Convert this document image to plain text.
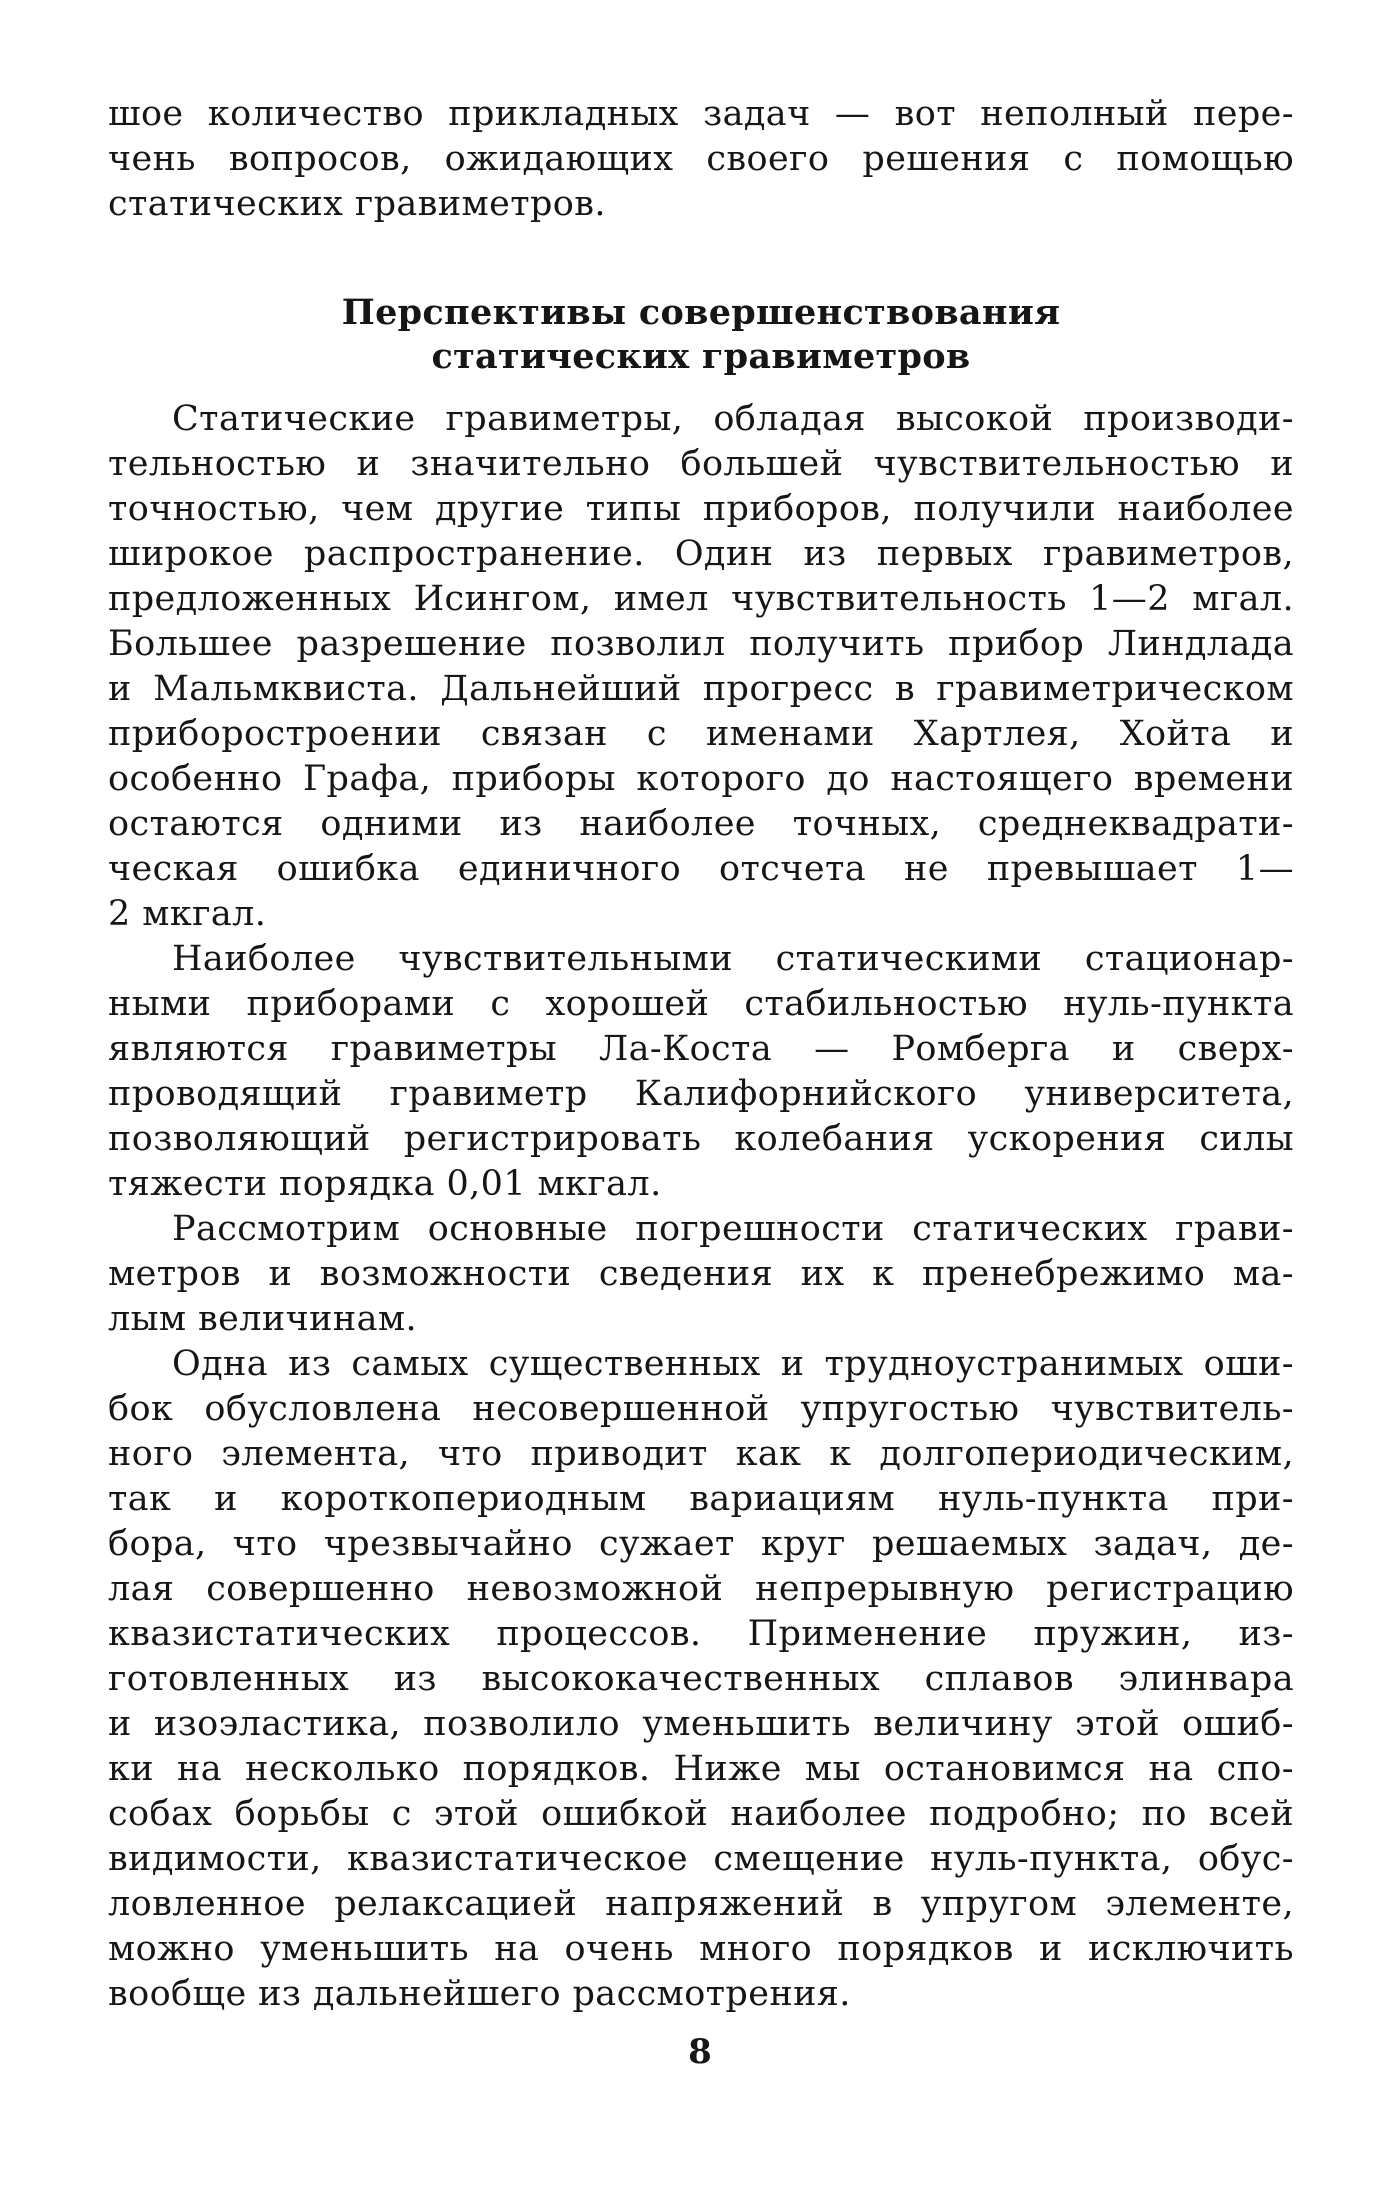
шое количество прикладных задач — вот неполный пере-
чень вопросов, ожидающих своего решения с помощью
статических гравиметров.
Перспективы совершенствования
статических гравиметров
Статические гравиметры, обладая высокой производи-
тельностью и значительно большей чувствительностью и
точностью, чем другие типы приборов, получили наиболее
широкое распространение. Один из первых гравиметров,
предложенных Исингом, имел чувствительность 1—2 мгал.
Большее разрешение позволил получить прибор Линдлада
и Мальмквиста. Дальнейший прогресс в гравиметрическом
приборостроении связан с именами Хартлея, Хойта и
особенно Графа, приборы которого до настоящего времени
остаются одними из наиболее точных, среднеквадрати-
ческая ошибка единичного отсчета не превышает 1—
2 мкгал.
Наиболее чувствительными статическими стационар-
ными приборами с хорошей стабильностью нуль-пункта
являются гравиметры Ла-Коста — Ромберга и сверх-
проводящий гравиметр Калифорнийского университета,
позволяющий регистрировать колебания ускорения силы
тяжести порядка 0,01 мкгал.
Рассмотрим основные погрешности статических грави-
метров и возможности сведения их к пренебрежимо ма-
лым величинам.
Одна из самых существенных и трудноустранимых оши-
бок обусловлена несовершенной упругостью чувствитель-
ного элемента, что приводит как к долгопериодическим,
так и короткопериодным вариациям нуль-пункта при-
бора, что чрезвычайно сужает круг решаемых задач, де-
лая совершенно невозможной непрерывную регистрацию
квазистатических процессов. Применение пружин, из-
готовленных из высококачественных сплавов элинвара
и изоэластика, позволило уменьшить величину этой ошиб-
ки на несколько порядков. Ниже мы остановимся на спо-
собах борьбы с этой ошибкой наиболее подробно; по всей
видимости, квазистатическое смещение нуль-пункта, обус-
ловленное релаксацией напряжений в упругом элементе,
можно уменьшить на очень много порядков и исключить
вообще из дальнейшего рассмотрения.
8
